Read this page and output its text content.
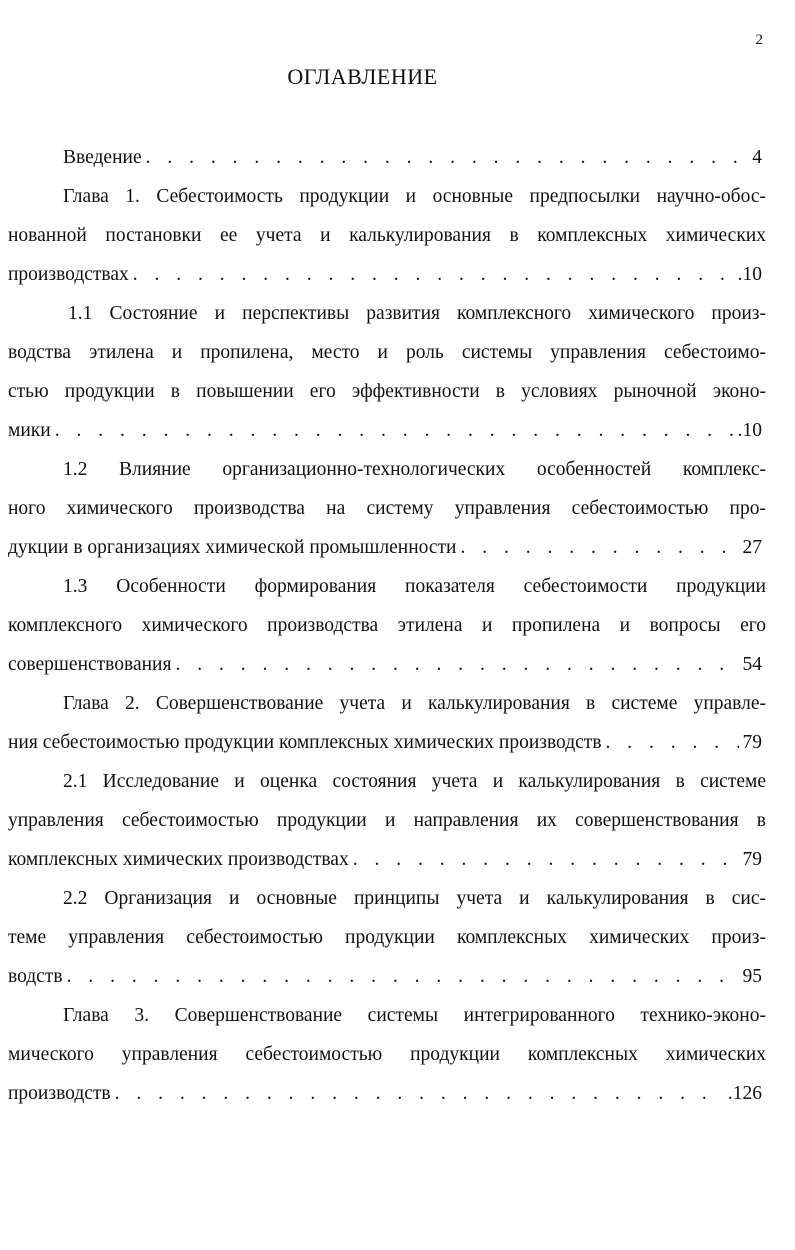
2
ОГЛАВЛЕНИЕ
Введение . . .	4
Глава 1. Себестоимость продукции и основные предпосылки научно-обос-
нованной постановки ее учета и калькулирования в комплексных химических
производствах . . .	.10
1.1 Состояние и перспективы развития комплексного химического произ-
водства этилена и пропилена, место и роль системы управления себестоимо-
стью продукции в повышении его эффективности в условиях рыночной эконо-
мики . . .	.10
1.2 Влияние организационно-технологических особенностей комплекс-
ного химического производства на систему управления себестоимостью про-
дукции в организациях химической промышленности . . .	27
1.3 Особенности формирования показателя себестоимости продукции
комплексного химического производства этилена и пропилена и вопросы его
совершенствования . . .	54
Глава 2. Совершенствование учета и калькулирования в системе управле-
ния себестоимостью продукции комплексных химических производств . . .	79
2.1 Исследование и оценка состояния учета и калькулирования в системе
управления себестоимостью продукции и направления их совершенствования в
комплексных химических производствах . . .	79
2.2 Организация и основные принципы учета и калькулирования в сис-
теме управления себестоимостью продукции комплексных химических произ-
водств . . .	95
Глава 3. Совершенствование системы интегрированного технико-эконо-
мического управления себестоимостью продукции комплексных химических
производств . . .	.126
